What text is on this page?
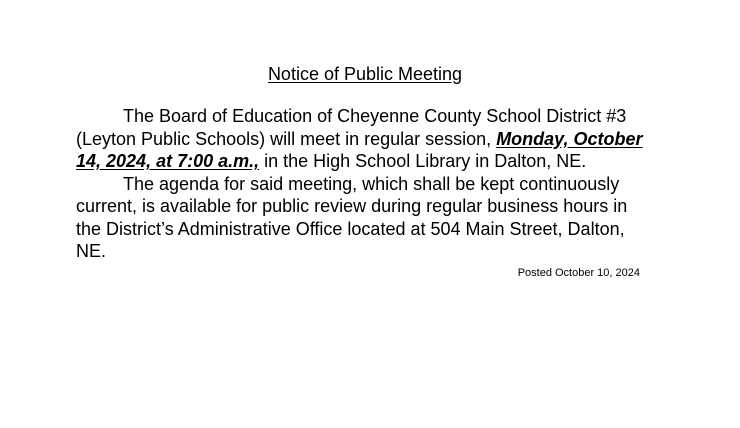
Notice of Public Meeting

The Board of Education of Cheyenne County School District #3 (Leyton Public Schools) will meet in regular session, Monday, October 14, 2024, at 7:00 a.m., in the High School Library in Dalton, NE.

The agenda for said meeting, which shall be kept continuously current, is available for public review during regular business hours in the District’s Administrative Office located at 504 Main Street, Dalton, NE.

Posted October 10, 2024
